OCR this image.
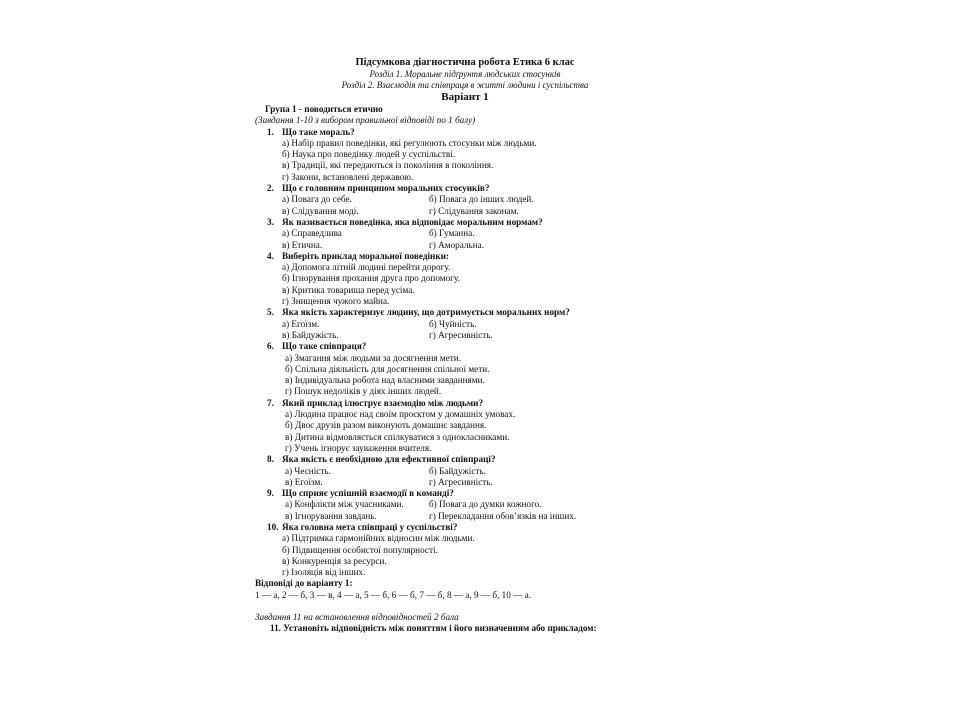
Підсумкова діагностична робота Етика 6 клас
Розділ 1. Моральне підґрунтя людських стосунків
Розділ 2. Взаємодія та співпраця в житті людини і суспільства
Варіант 1
Група 1 - поводиться етично
(Завдання 1-10 з вибором правильної відповіді по 1 балу)
1. Що таке мораль?
а) Набір правил поведінки, які регулюють стосунки між людьми.
б) Наука про поведінку людей у суспільстві.
в) Традиції, які передаються із покоління в покоління.
г) Закони, встановлені державою.
2. Що є головним принципом моральних стосунків?
а) Повага до себе.	б) Повага до інших людей.
в) Слідування моді.	г) Слідування законам.
3. Як називається поведінка, яка відповідає моральним нормам?
а) Справедлива	б) Гуманна.
в) Етична.	г) Аморальна.
4. Виберіть приклад моральної поведінки:
а) Допомога літній людині перейти дорогу.
б) Ігнорування прохання друга про допомогу.
в) Критика товариша перед усіма.
г) Знищення чужого майна.
5. Яка якість характеризує людину, що дотримується моральних норм?
а) Егоїзм.	б) Чуйність.
в) Байдужість.	г) Агресивність.
6. Що таке співпраця?
а) Змагання між людьми за досягнення мети.
б) Спільна діяльність для досягнення спільної мети.
в) Індивідуальна робота над власними завданнями.
г) Пошук недоліків у діях інших людей.
7. Який приклад ілюструє взаємодію між людьми?
а) Людина працює над своїм проєктом у домашніх умовах.
б) Двоє друзів разом виконують домашнє завдання.
в) Дитина відмовляється спілкуватися з однокласниками.
г) Учень ігнорує зауваження вчителя.
8. Яка якість є необхідною для ефективної співпраці?
а) Чесність.	б) Байдужість.
в) Егоїзм.	г) Агресивність.
9. Що сприяє успішній взаємодії в команді?
а) Конфлікти між учасниками.	б) Повага до думки кожного.
в) Ігнорування завдань.	г) Перекладання обов’язків на інших.
10. Яка головна мета співпраці у суспільстві?
а) Підтримка гармонійних відносин між людьми.
б) Підвищення особистої популярності.
в) Конкуренція за ресурси.
г) Ізоляція від інших.
Відповіді до варіанту 1:
1 — а, 2 — б, 3 — в, 4 — а, 5 — б, 6 — б, 7 — б, 8 — а, 9 — б, 10 — а.
Завдання 11 на встановлення відповідностей 2 бала
11. Установіть відповідність між поняттям і його визначенням або прикладом:
